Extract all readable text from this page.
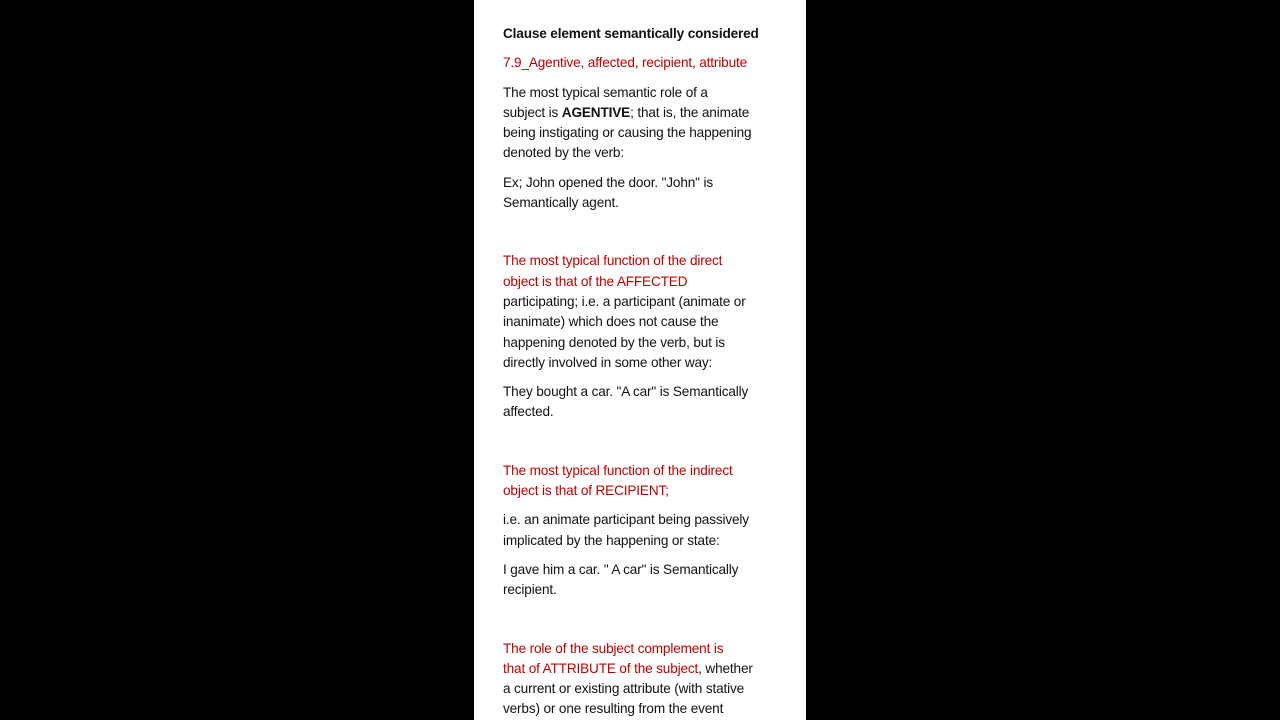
Clause element semantically considered
7.9_Agentive, affected, recipient, attribute
The most typical semantic role of a
subject is AGENTIVE; that is, the animate
being instigating or causing the happening
denoted by the verb:
Ex; John opened the door. "John" is
Semantically agent.
The most typical function of the direct
object is that of the AFFECTED
participating; i.e. a participant (animate or
inanimate) which does not cause the
happening denoted by the verb, but is
directly involved in some other way:
They bought a car. "A car" is Semantically
affected.
The most typical function of the indirect
object is that of RECIPIENT;
i.e. an animate participant being passively
implicated by the happening or state:
I gave him a car. " A car" is Semantically
recipient.
The role of the subject complement is
that of ATTRIBUTE of the subject, whether
a current or existing attribute (with stative
verbs) or one resulting from the event
